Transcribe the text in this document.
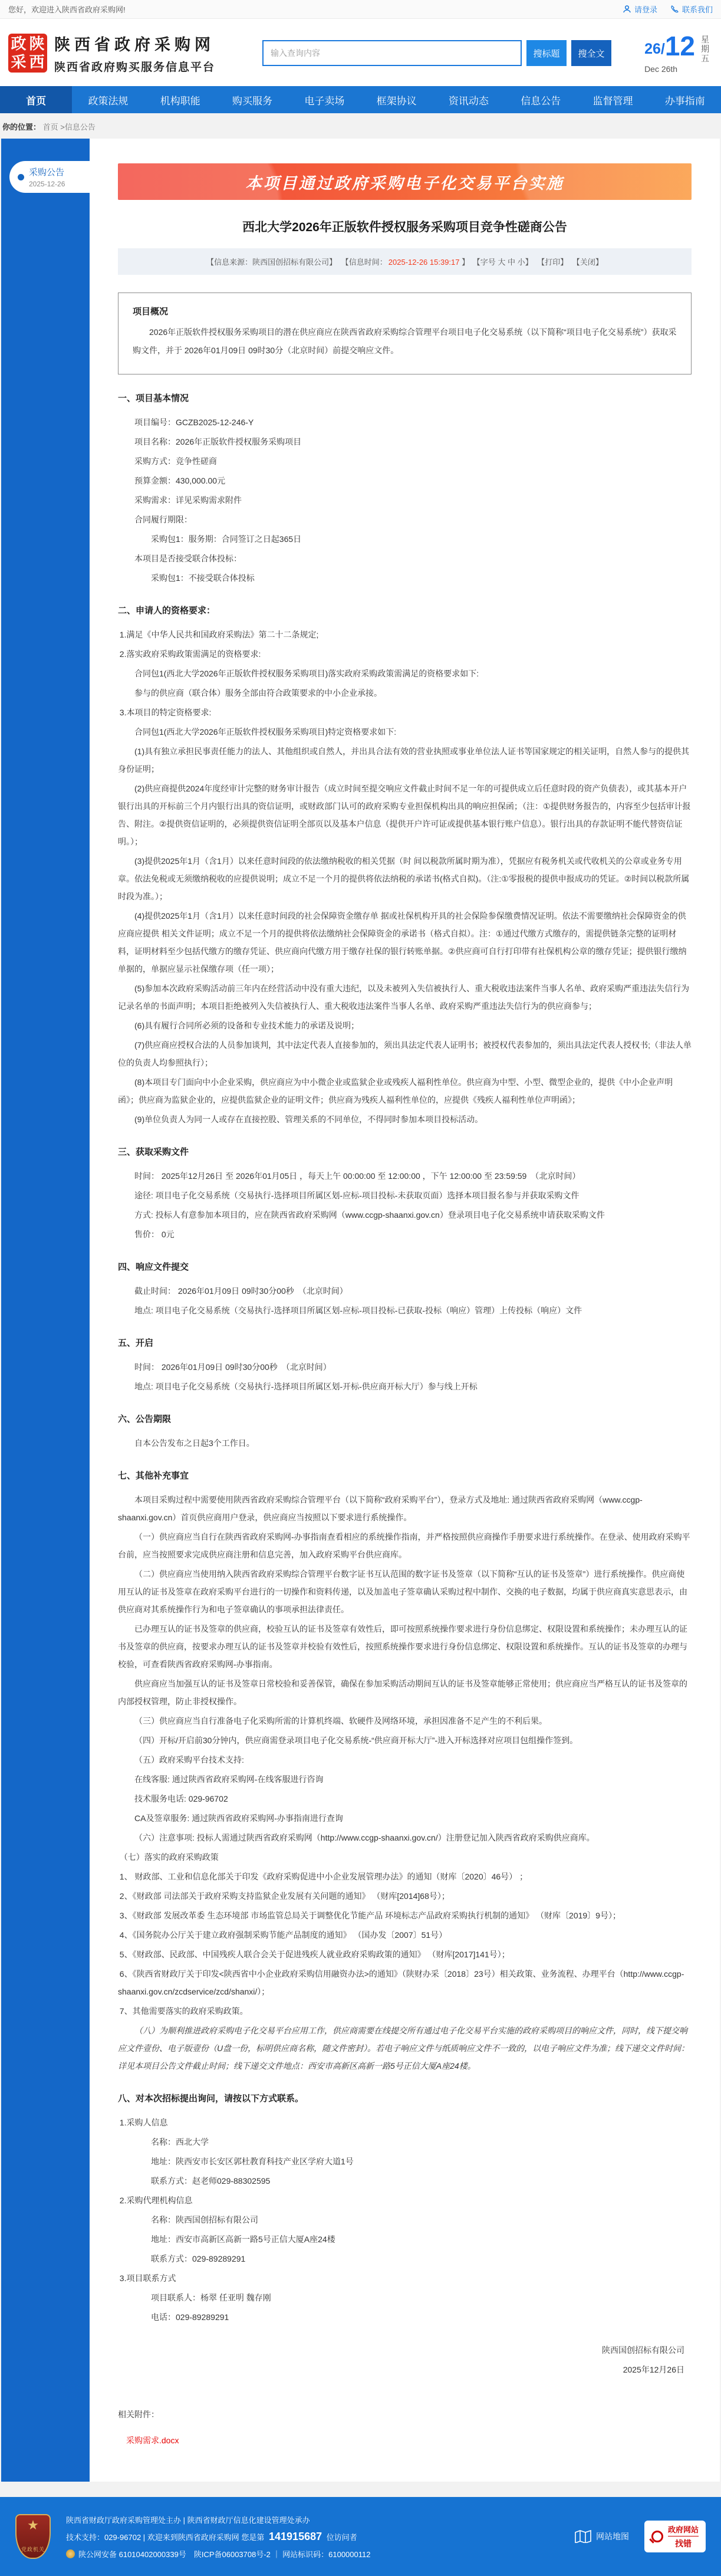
您好，欢迎进入陕西省政府采购网!	请登录	联系我们
政 陕
采 西
陕西省政府采购网
陕西省政府购买服务信息平台
输入查询内容
搜标题	搜全文	26/ 12 星
期
五
Dec 26th
首页	政策法规	机构职能	购买服务	电子卖场	框架协议	资讯动态	信息公告	监督管理	办事指南
你的位置： 首页 >信息公告
采购公告
2025-12-26	本项目通过政府采购电子化交易平台实施
西北大学2026年正版软件授权服务采购项目竞争性磋商公告
【信息来源：陕西国创招标有限公司】 【信息时间： 2025-12-26 15:39:17 】 【字号 大 中 小】 【打印】 【关闭】
项目概况
2026年正版软件授权服务采购项目的潜在供应商应在陕西省政府采购综合管理平台项目电子化交易系统（以下简称“项目电子化交易系统”）获取采购文件，并于 2026年01月09日 09时30分（北京时间）前提交响应文件。

一、项目基本情况

项目编号：GCZB2025-12-246-Y

项目名称：2026年正版软件授权服务采购项目

采购方式：竞争性磋商

预算金额：430,000.00元

采购需求：详见采购需求附件

合同履行期限：

采购包1：服务期：合同签订之日起365日

本项目是否接受联合体投标：

采购包1：不接受联合体投标

二、申请人的资格要求：

1.满足《中华人民共和国政府采购法》第二十二条规定;

2.落实政府采购政策需满足的资格要求:

合同包1(西北大学2026年正版软件授权服务采购项目)落实政府采购政策需满足的资格要求如下:

参与的供应商（联合体）服务全部由符合政策要求的中小企业承接。

3.本项目的特定资格要求:

合同包1(西北大学2026年正版软件授权服务采购项目)特定资格要求如下:

(1)具有独立承担民事责任能力的法人、其他组织或自然人，并出具合法有效的营业执照或事业单位法人证书等国家规定的相关证明，自然人参与的提供其身份证明；

(2)供应商提供2024年度经审计完整的财务审计报告（成立时间至提交响应文件截止时间不足一年的可提供成立后任意时段的资产负债表），或其基本开户银行出具的开标前三个月内银行出具的资信证明，或财政部门认可的政府采购专业担保机构出具的响应担保函；（注：①提供财务报告的，内容至少包括审计报告、附注。②提供资信证明的，必须提供资信证明全部页以及基本户信息（提供开户许可证或提供基本银行账户信息）。银行出具的存款证明不能代替资信证明。）；

(3)提供2025年1月（含1月）以来任意时间段的依法缴纳税收的相关凭据（时 间以税款所属时期为准），凭据应有税务机关或代收机关的公章或业务专用章。依法免税或无须缴纳税收的应提供说明；成立不足一个月的提供将依法纳税的承诺书(格式自拟)。（注:①零报税的提供申报成功的凭证。②时间以税款所属时段为准。）；

(4)提供2025年1月（含1月）以来任意时间段的社会保障资金缴存单 据或社保机构开具的社会保险参保缴费情况证明。依法不需要缴纳社会保障资金的供应商应提供 相关文件证明；成立不足一个月的提供将依法缴纳社会保障资金的承诺书（格式自拟）。注：①通过代缴方式缴存的，需提供链条完整的证明材料，证明材料至少包括代缴方的缴存凭证、供应商向代缴方用于缴存社保的银行转账单据。②供应商可自行打印带有社保机构公章的缴存凭证；提供银行缴纳单据的，单据应显示社保缴存项（任一项）；

(5)参加本次政府采购活动前三年内在经营活动中没有重大违纪，以及未被列入失信被执行人、重大税收违法案件当事人名单、政府采购严重违法失信行为记录名单的书面声明；本项目拒绝被列入失信被执行人、重大税收违法案件当事人名单、政府采购严重违法失信行为的供应商参与；

(6)具有履行合同所必须的设备和专业技术能力的承诺及说明；

(7)供应商应授权合法的人员参加谈判，其中法定代表人直接参加的，须出具法定代表人证明书；被授权代表参加的，须出具法定代表人授权书;（非法人单位的负责人均参照执行）；

(8)本项目专门面向中小企业采购，供应商应为中小微企业或监狱企业或残疾人福利性单位。供应商为中型、小型、微型企业的，提供《中小企业声明函》；供应商为监狱企业的，应提供监狱企业的证明文件；供应商为残疾人福利性单位的，应提供《残疾人福利性单位声明函》；

(9)单位负责人为同一人或存在直接控股、管理关系的不同单位，不得同时参加本项目投标活动。

三、获取采购文件

时间： 2025年12月26日 至 2026年01月05日 ，每天上午 00:00:00 至 12:00:00 ，下午 12:00:00 至 23:59:59　（北京时间）

途径: 项目电子化交易系统（交易执行-选择项目所属区划-应标-项目投标-未获取页面）选择本项目报名参与并获取采购文件

方式: 投标人有意参加本项目的，应在陕西省政府采购网（www.ccgp-shaanxi.gov.cn）登录项目电子化交易系统申请获取采购文件

售价： 0元

四、响应文件提交

截止时间： 2026年01月09日 09时30分00秒　（北京时间）

地点: 项目电子化交易系统（交易执行-选择项目所属区划-应标-项目投标-已获取-投标（响应）管理）上传投标（响应）文件

五、开启

时间： 2026年01月09日 09时30分00秒　（北京时间）

地点: 项目电子化交易系统（交易执行-选择项目所属区划-开标-供应商开标大厅）参与线上开标

六、公告期限

自本公告发布之日起3个工作日。

七、其他补充事宜

本项目采购过程中需要使用陕西省政府采购综合管理平台（以下简称“政府采购平台”），登录方式及地址: 通过陕西省政府采购网（www.ccgp-shaanxi.gov.cn）首页供应商用户登录，供应商应当按照以下要求进行系统操作。

（一）供应商应当自行在陕西省政府采购网-办事指南查看相应的系统操作指南，并严格按照供应商操作手册要求进行系统操作。在登录、使用政府采购平台前，应当按照要求完成供应商注册和信息完善，加入政府采购平台供应商库。

（二）供应商应当使用纳入陕西省政府采购综合管理平台数字证书互认范围的数字证书及签章（以下简称“互认的证书及签章”）进行系统操作。供应商使用互认的证书及签章在政府采购平台进行的一切操作和资料传递，以及加盖电子签章确认采购过程中制作、交换的电子数据，均属于供应商真实意思表示，由供应商对其系统操作行为和电子签章确认的事项承担法律责任。

已办理互认的证书及签章的供应商，校验互认的证书及签章有效性后，即可按照系统操作要求进行身份信息绑定、权限设置和系统操作；未办理互认的证书及签章的供应商，按要求办理互认的证书及签章并校验有效性后，按照系统操作要求进行身份信息绑定、权限设置和系统操作。互认的证书及签章的办理与校验，可查看陕西省政府采购网-办事指南。

供应商应当加强互认的证书及签章日常校验和妥善保管，确保在参加采购活动期间互认的证书及签章能够正常使用；供应商应当严格互认的证书及签章的内部授权管理，防止非授权操作。

（三）供应商应当自行准备电子化采购所需的计算机终端、软硬件及网络环境，承担因准备不足产生的不利后果。

（四）开标/开启前30分钟内，供应商需登录项目电子化交易系统-“供应商开标大厅”-进入开标选择对应项目包组操作签到。

（五）政府采购平台技术支持:

在线客服: 通过陕西省政府采购网-在线客服进行咨询

技术服务电话: 029-96702

CA及签章服务: 通过陕西省政府采购网-办事指南进行查询

（六）注意事项: 投标人需通过陕西省政府采购网（http://www.ccgp-shaanxi.gov.cn/）注册登记加入陕西省政府采购供应商库。

（七）落实的政府采购政策

1、 财政部、工业和信息化部关于印发《政府采购促进中小企业发展管理办法》的通知（财库〔2020〕46号） ；

2、《财政部 司法部关于政府采购支持监狱企业发展有关问题的通知》 （财库[2014]68号）；

3、《财政部 发展改革委 生态环境部 市场监管总局关于调整优化节能产品 环境标志产品政府采购执行机制的通知》 （财库〔2019〕9号）；

4、《国务院办公厅关于建立政府强制采购节能产品制度的通知》 （国办发〔2007〕51号）

5、《财政部、民政部、中国残疾人联合会关于促进残疾人就业政府采购政策的通知》 （财库[2017]141号）；

6、《陕西省财政厅关于印发<陕西省中小企业政府采购信用融资办法>的通知》（陕财办采〔2018〕23号）相关政策、业务流程、办理平台（http://www.ccgp-shaanxi.gov.cn/zcdservice/zcd/shanxi/）；

7、其他需要落实的政府采购政策。

（八）为顺利推进政府采购电子化交易平台应用工作，供应商需要在线提交所有通过电子化交易平台实施的政府采购项目的响应文件，同时，线下提交响应文件壹份、电子版壹份（U盘一份，标明供应商名称，随文件密封）。若电子响应文件与纸质响应文件不一致的，以电子响应文件为准；线下递交文件时间：详见本项目公告文件截止时间；线下递交文件地点：西安市高新区高新一路5号正信大厦A座24楼。

八、对本次招标提出询问，请按以下方式联系。

1.采购人信息

名称：西北大学

地址：陕西安市长安区郭杜教育科技产业区学府大道1号

联系方式：赵老师029-88302595

2.采购代理机构信息

名称：陕西国创招标有限公司

地址：西安市高新区高新一路5号正信大厦A座24楼

联系方式：029-89289291

3.项目联系方式

项目联系人：杨翠 任亚明 魏存刚

电话：029-89289291

陕西国创招标有限公司

2025年12月26日

相关附件：
采购需求.docx
★
党政机关
陕西省财政厅政府采购管理处主办 | 陕西省财政厅信息化建设管理处承办
技术支持：029-96702 | 欢迎来到陕西省政府采购网 您是第 141915687 位访问者
陕公网安备 61010402000339号　陕ICP备06003708号-2 ｜ 网站标识码：6100000112
网站地图
政府网站
找错
